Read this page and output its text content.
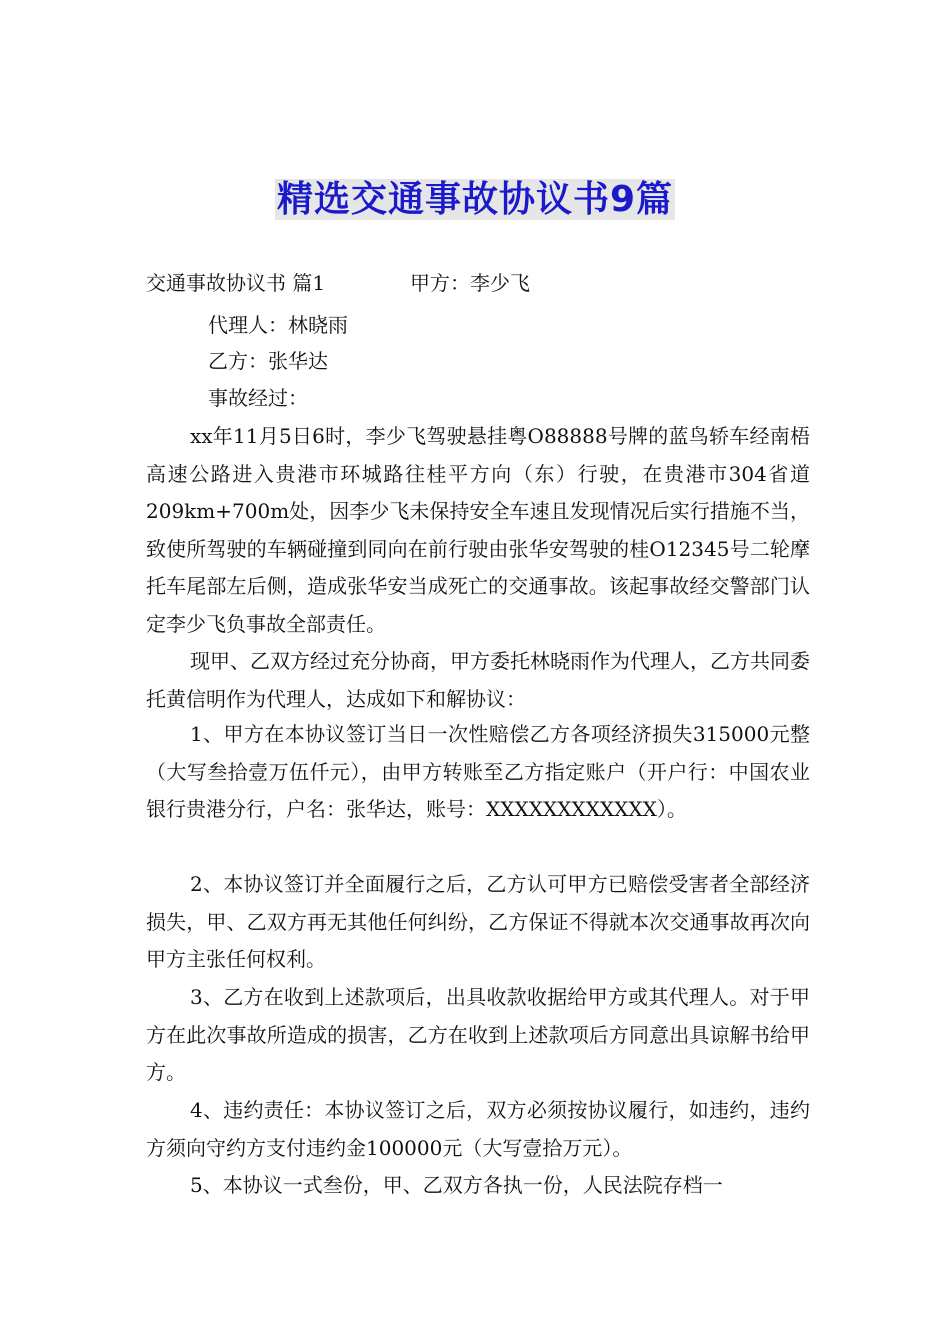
精选交通事故协议书9篇
交通事故协议书 篇1	甲方：李少飞
代理人：林晓雨
乙方：张华达
事故经过：

xx年11月5日6时，李少飞驾驶悬挂粤O88888号牌的蓝鸟轿车经南梧高速公路进入贵港市环城路往桂平方向（东）行驶，在贵港市304省道209km+700m处，因李少飞未保持安全车速且发现情况后实行措施不当，致使所驾驶的车辆碰撞到同向在前行驶由张华安驾驶的桂O12345号二轮摩托车尾部左后侧，造成张华安当成死亡的交通事故。该起事故经交警部门认定李少飞负事故全部责任。

现甲、乙双方经过充分协商，甲方委托林晓雨作为代理人，乙方共同委托黄信明作为代理人，达成如下和解协议：

1、甲方在本协议签订当日一次性赔偿乙方各项经济损失315000元整（大写叁拾壹万伍仟元），由甲方转账至乙方指定账户（开户行：中国农业银行贵港分行，户名：张华达，账号：XXXXXXXXXXXX）。

2、本协议签订并全面履行之后，乙方认可甲方已赔偿受害者全部经济损失，甲、乙双方再无其他任何纠纷，乙方保证不得就本次交通事故再次向甲方主张任何权利。

3、乙方在收到上述款项后，出具收款收据给甲方或其代理人。对于甲方在此次事故所造成的损害，乙方在收到上述款项后方同意出具谅解书给甲方。

4、违约责任：本协议签订之后，双方必须按协议履行，如违约，违约方须向守约方支付违约金100000元（大写壹拾万元）。

5、本协议一式叁份，甲、乙双方各执一份，人民法院存档一
